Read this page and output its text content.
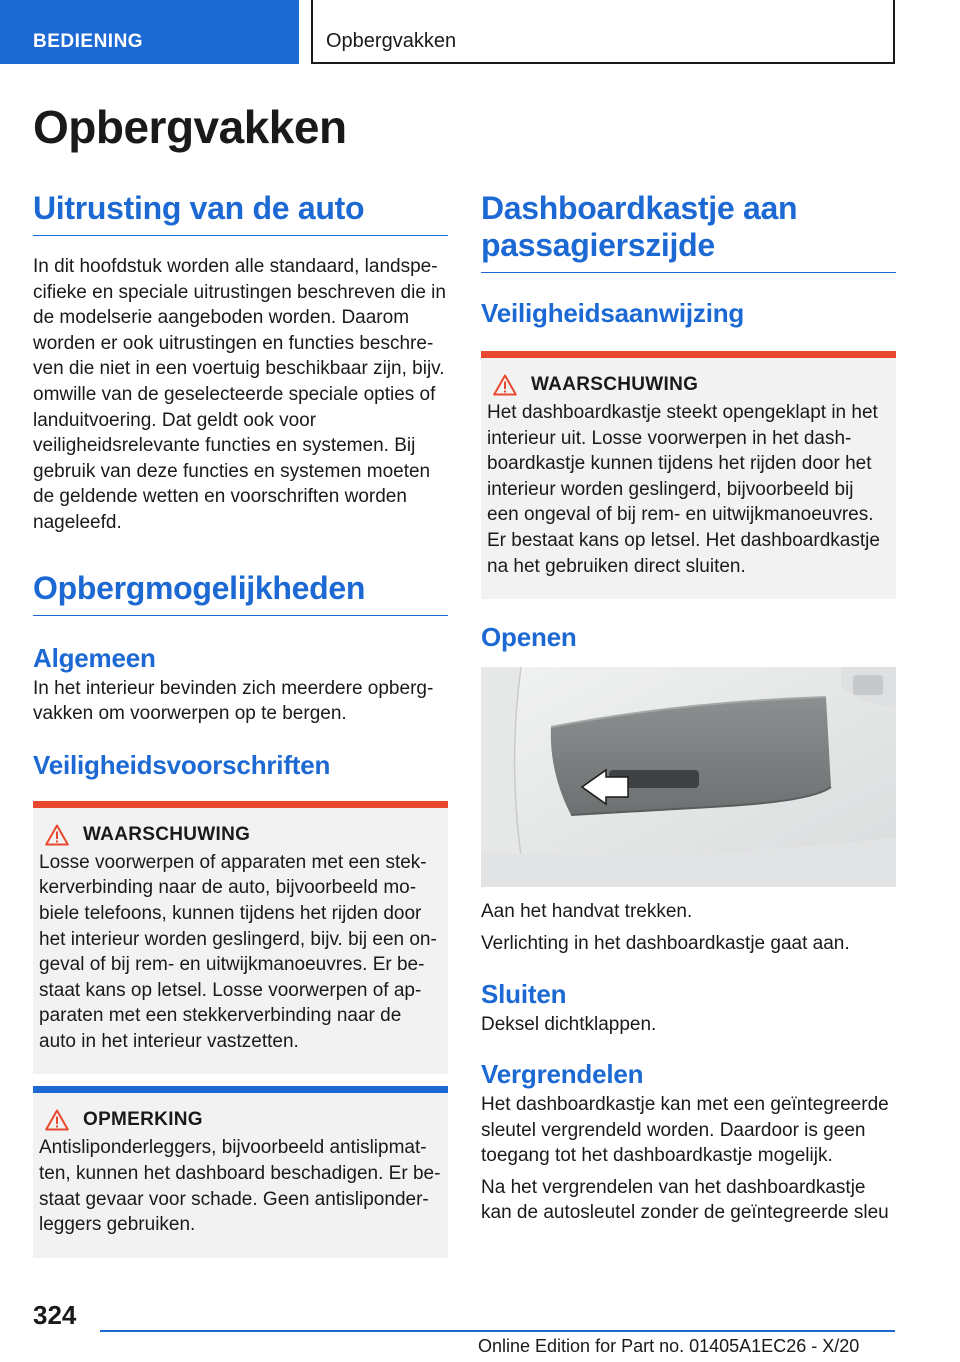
BEDIENING	Opbergvakken
Opbergvakken
Uitrusting van de auto
In dit hoofdstuk worden alle standaard, landspecifieke en speciale uitrustingen beschreven die in de modelserie aangeboden worden. Daarom worden er ook uitrustingen en functies beschreven die niet in een voertuig beschikbaar zijn, bijv. omwille van de geselecteerde speciale opties of landuitvoering. Dat geldt ook voor veiligheidsrelevante functies en systemen. Bij gebruik van deze functies en systemen moeten de geldende wetten en voorschriften worden nageleefd.
Opbergmogelijkheden
Algemeen
In het interieur bevinden zich meerdere opbergvakken om voorwerpen op te bergen.
Veiligheidsvoorschriften
WAARSCHUWING
Losse voorwerpen of apparaten met een stekkerverbinding naar de auto, bijvoorbeeld mobiele telefoons, kunnen tijdens het rijden door het interieur worden geslingerd, bijv. bij een ongeval of bij rem- en uitwijkmanoeuvres. Er bestaat kans op letsel. Losse voorwerpen of apparaten met een stekkerverbinding naar de auto in het interieur vastzetten.
OPMERKING
Antisliponderleggers, bijvoorbeeld antislipmatten, kunnen het dashboard beschadigen. Er bestaat gevaar voor schade. Geen antisliponderleggers gebruiken.
Dashboardkastje aan passagierszijde
Veiligheidsaanwijzing
WAARSCHUWING
Het dashboardkastje steekt opengeklapt in het interieur uit. Losse voorwerpen in het dashboardkastje kunnen tijdens het rijden door het interieur worden geslingerd, bijvoorbeeld bij een ongeval of bij rem- en uitwijkmanoeuvres. Er bestaat kans op letsel. Het dashboardkastje na het gebruiken direct sluiten.
Openen
Aan het handvat trekken.
Verlichting in het dashboardkastje gaat aan.
Sluiten
Deksel dichtklappen.
Vergrendelen
Het dashboardkastje kan met een geïntegreerde sleutel vergrendeld worden. Daardoor is geen toegang tot het dashboardkastje mogelijk.
Na het vergrendelen van het dashboardkastje kan de autosleutel zonder de geïntegreerde sleu
324
Online Edition for Part no. 01405A1EC26 - X/20
